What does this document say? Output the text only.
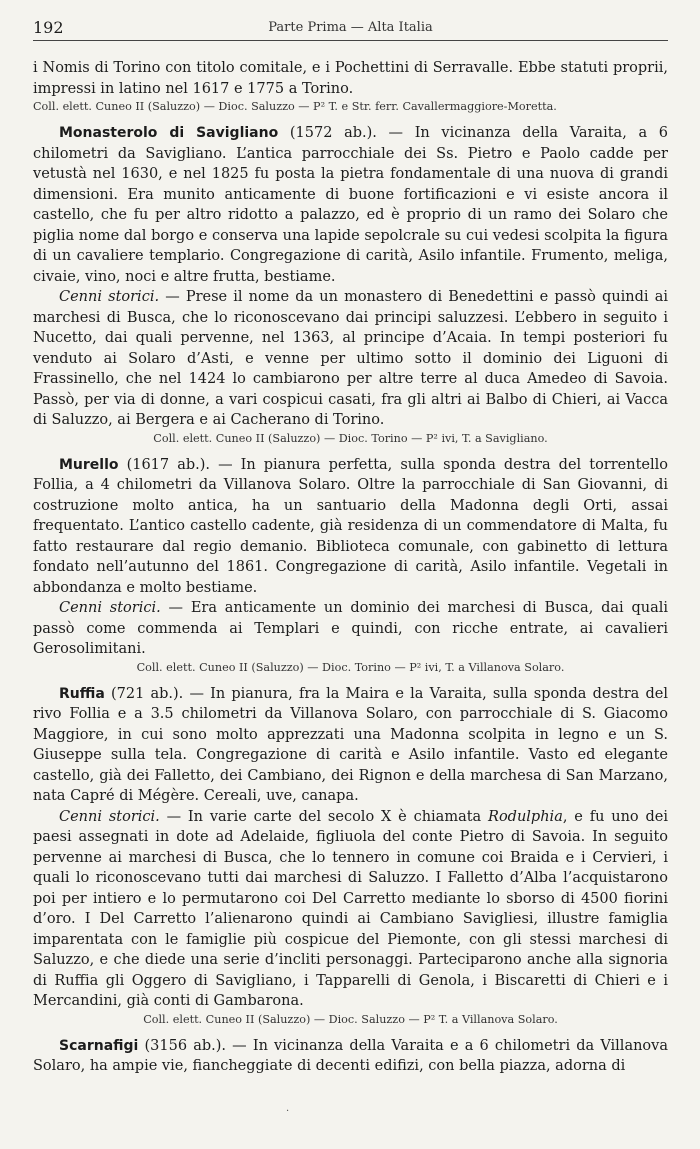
192	Parte Prima — Alta Italia

i Nomis di Torino con titolo comitale, e i Pochettini di Serravalle. Ebbe statuti proprii, impressi in latino nel 1617 e 1775 a Torino.

Coll. elett. Cuneo II (Saluzzo) — Dioc. Saluzzo — P² T. e Str. ferr. Cavallermaggiore-Moretta.

Monasterolo di Savigliano (1572 ab.). — In vicinanza della Varaita, a 6 chilometri da Savigliano. L’antica parrocchiale dei Ss. Pietro e Paolo cadde per vetustà nel 1630, e nel 1825 fu posta la pietra fondamentale di una nuova di grandi dimensioni. Era munito anticamente di buone fortificazioni e vi esiste ancora il castello, che fu per altro ridotto a palazzo, ed è proprio di un ramo dei Solaro che piglia nome dal borgo e conserva una lapide sepolcrale su cui vedesi scolpita la figura di un cavaliere templario. Congregazione di carità, Asilo infantile. Frumento, meliga, civaie, vino, noci e altre frutta, bestiame.

Cenni storici. — Prese il nome da un monastero di Benedettini e passò quindi ai marchesi di Busca, che lo riconoscevano dai principi saluzzesi. L’ebbero in seguito i Nucetto, dai quali pervenne, nel 1363, al principe d’Acaia. In tempi posteriori fu venduto ai Solaro d’Asti, e venne per ultimo sotto il dominio dei Liguoni di Frassinello, che nel 1424 lo cambiarono per altre terre al duca Amedeo di Savoia. Passò, per via di donne, a vari cospicui casati, fra gli altri ai Balbo di Chieri, ai Vacca di Saluzzo, ai Bergera e ai Cacherano di Torino.

Coll. elett. Cuneo II (Saluzzo) — Dioc. Torino — P² ivi, T. a Savigliano.

Murello (1617 ab.). — In pianura perfetta, sulla sponda destra del torrentello Follia, a 4 chilometri da Villanova Solaro. Oltre la parrocchiale di San Giovanni, di costruzione molto antica, ha un santuario della Madonna degli Orti, assai frequentato. L’antico castello cadente, già residenza di un commendatore di Malta, fu fatto restaurare dal regio demanio. Biblioteca comunale, con gabinetto di lettura fondato nell’autunno del 1861. Congregazione di carità, Asilo infantile. Vegetali in abbondanza e molto bestiame.

Cenni storici. — Era anticamente un dominio dei marchesi di Busca, dai quali passò come commenda ai Templari e quindi, con ricche entrate, ai cavalieri Gerosolimitani.

Coll. elett. Cuneo II (Saluzzo) — Dioc. Torino — P² ivi, T. a Villanova Solaro.

Ruffia (721 ab.). — In pianura, fra la Maira e la Varaita, sulla sponda destra del rivo Follia e a 3.5 chilometri da Villanova Solaro, con parrocchiale di S. Giacomo Maggiore, in cui sono molto apprezzati una Madonna scolpita in legno e un S. Giuseppe sulla tela. Congregazione di carità e Asilo infantile. Vasto ed elegante castello, già dei Falletto, dei Cambiano, dei Rignon e della marchesa di San Marzano, nata Capré di Mégère. Cereali, uve, canapa.

Cenni storici. — In varie carte del secolo X è chiamata Rodulphia, e fu uno dei paesi assegnati in dote ad Adelaide, figliuola del conte Pietro di Savoia. In seguito pervenne ai marchesi di Busca, che lo tennero in comune coi Braida e i Cervieri, i quali lo riconoscevano tutti dai marchesi di Saluzzo. I Falletto d’Alba l’acquistarono poi per intiero e lo permutarono coi Del Carretto mediante lo sborso di 4500 fiorini d’oro. I Del Carretto l’alienarono quindi ai Cambiano Savigliesi, illustre famiglia imparentata con le famiglie più cospicue del Piemonte, con gli stessi marchesi di Saluzzo, e che diede una serie d’incliti personaggi. Parteciparono anche alla signoria di Ruffia gli Oggero di Savigliano, i Tapparelli di Genola, i Biscaretti di Chieri e i Mercandini, già conti di Gambarona.

Coll. elett. Cuneo II (Saluzzo) — Dioc. Saluzzo — P² T. a Villanova Solaro.

Scarnafigi (3156 ab.). — In vicinanza della Varaita e a 6 chilometri da Villanova Solaro, ha ampie vie, fiancheggiate di decenti edifizi, con bella piazza, adorna di

·
